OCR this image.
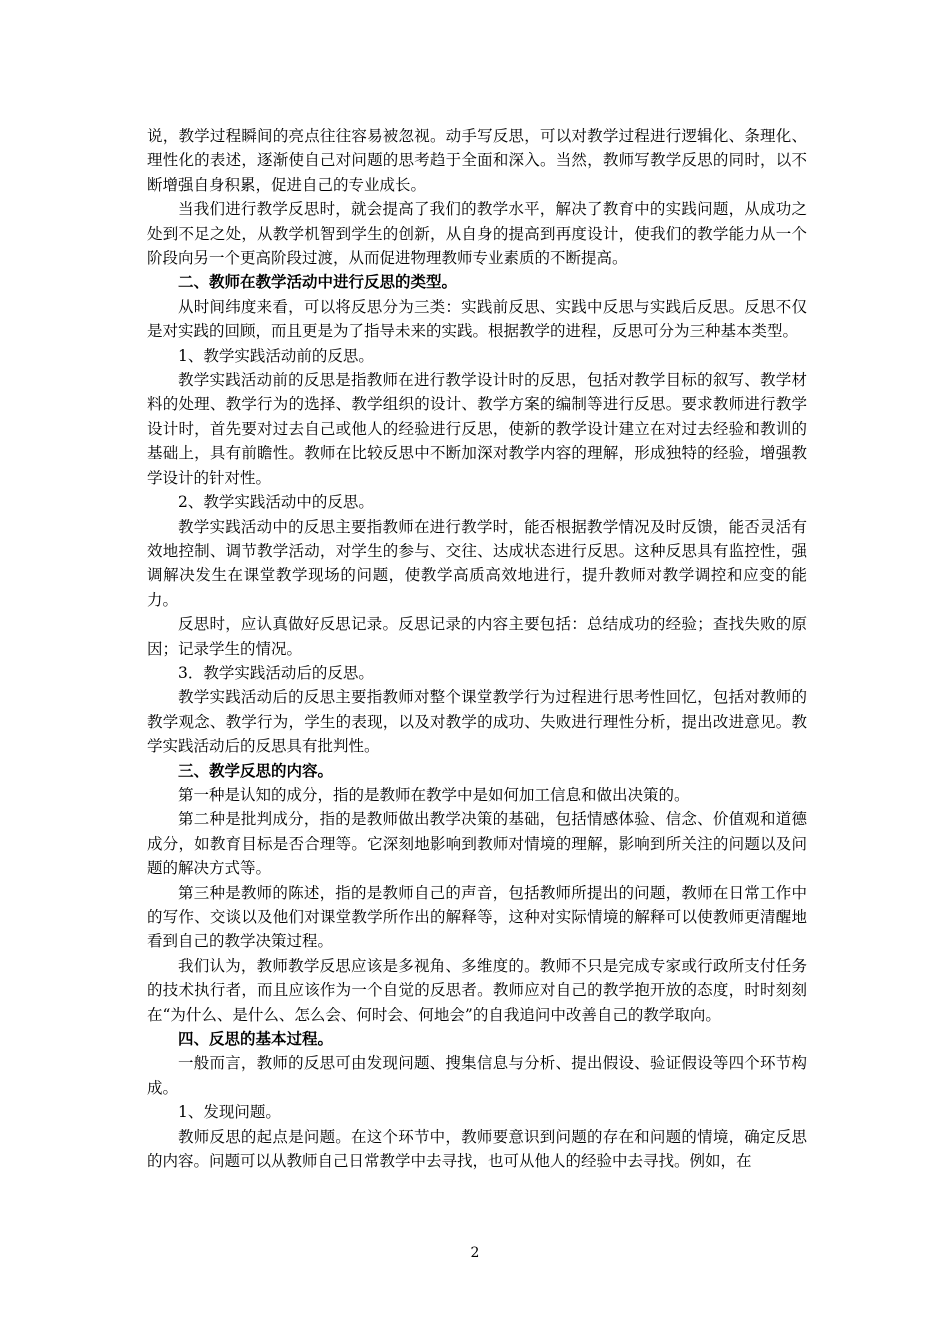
说，教学过程瞬间的亮点往往容易被忽视。动手写反思，可以对教学过程进行逻辑化、条理化、理性化的表述，逐渐使自己对问题的思考趋于全面和深入。当然，教师写教学反思的同时，以不断增强自身积累，促进自己的专业成长。

当我们进行教学反思时，就会提高了我们的教学水平，解决了教育中的实践问题，从成功之处到不足之处，从教学机智到学生的创新，从自身的提高到再度设计，使我们的教学能力从一个阶段向另一个更高阶段过渡，从而促进物理教师专业素质的不断提高。

二、教师在教学活动中进行反思的类型。

从时间纬度来看，可以将反思分为三类：实践前反思、实践中反思与实践后反思。反思不仅是对实践的回顾，而且更是为了指导未来的实践。根据教学的进程，反思可分为三种基本类型。

1、教学实践活动前的反思。

教学实践活动前的反思是指教师在进行教学设计时的反思，包括对教学目标的叙写、教学材料的处理、教学行为的选择、教学组织的设计、教学方案的编制等进行反思。要求教师进行教学设计时，首先要对过去自己或他人的经验进行反思，使新的教学设计建立在对过去经验和教训的基础上，具有前瞻性。教师在比较反思中不断加深对教学内容的理解，形成独特的经验，增强教学设计的针对性。

2、教学实践活动中的反思。

教学实践活动中的反思主要指教师在进行教学时，能否根据教学情况及时反馈，能否灵活有效地控制、调节教学活动，对学生的参与、交往、达成状态进行反思。这种反思具有监控性，强调解决发生在课堂教学现场的问题，使教学高质高效地进行，提升教师对教学调控和应变的能力。

反思时，应认真做好反思记录。反思记录的内容主要包括：总结成功的经验；查找失败的原因；记录学生的情况。

3．教学实践活动后的反思。

教学实践活动后的反思主要指教师对整个课堂教学行为过程进行思考性回忆，包括对教师的教学观念、教学行为，学生的表现，以及对教学的成功、失败进行理性分析，提出改进意见。教学实践活动后的反思具有批判性。

三、教学反思的内容。

第一种是认知的成分，指的是教师在教学中是如何加工信息和做出决策的。

第二种是批判成分，指的是教师做出教学决策的基础，包括情感体验、信念、价值观和道德成分，如教育目标是否合理等。它深刻地影响到教师对情境的理解，影响到所关注的问题以及问题的解决方式等。

第三种是教师的陈述，指的是教师自己的声音，包括教师所提出的问题，教师在日常工作中的写作、交谈以及他们对课堂教学所作出的解释等，这种对实际情境的解释可以使教师更清醒地看到自己的教学决策过程。

我们认为，教师教学反思应该是多视角、多维度的。教师不只是完成专家或行政所支付任务的技术执行者，而且应该作为一个自觉的反思者。教师应对自己的教学抱开放的态度，时时刻刻在“为什么、是什么、怎么会、何时会、何地会”的自我追问中改善自己的教学取向。

四、反思的基本过程。

一般而言，教师的反思可由发现问题、搜集信息与分析、提出假设、验证假设等四个环节构成。

1、发现问题。

教师反思的起点是问题。在这个环节中，教师要意识到问题的存在和问题的情境，确定反思的内容。问题可以从教师自己日常教学中去寻找，也可从他人的经验中去寻找。例如，在

2
